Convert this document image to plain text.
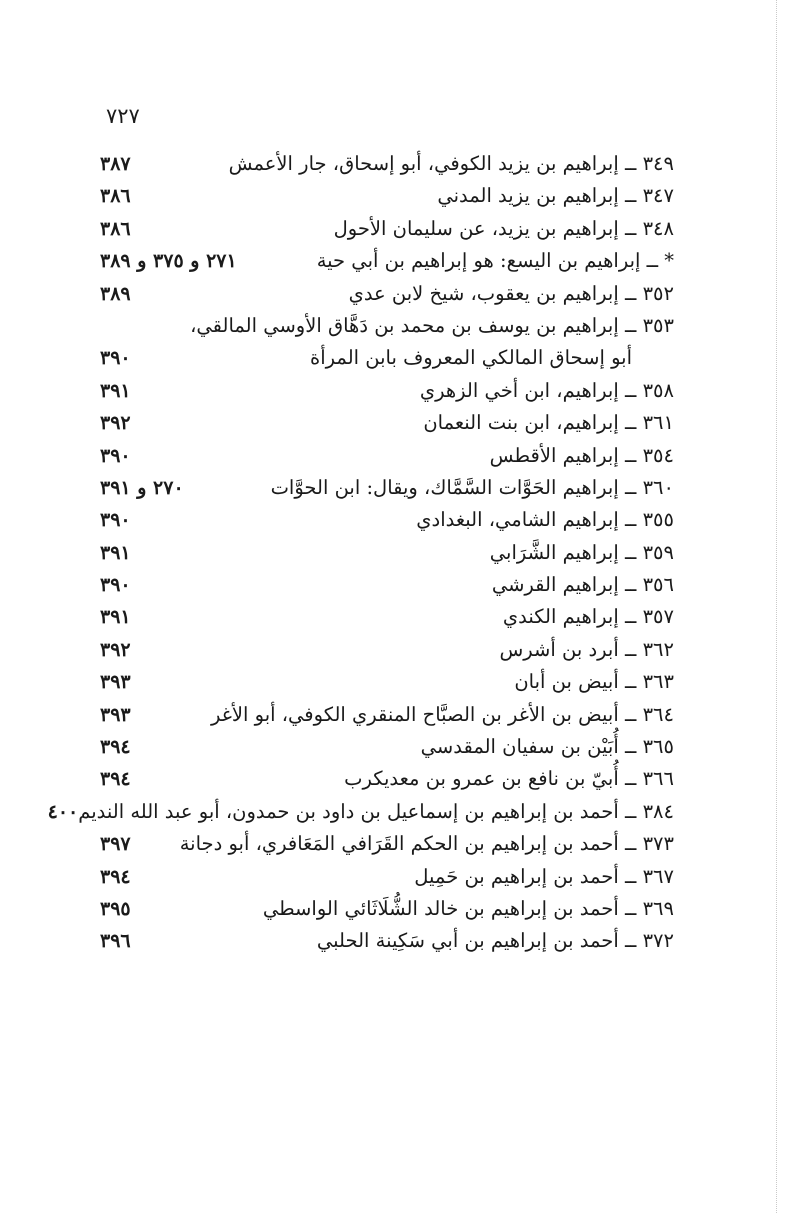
٧٢٧
٣٤٩ ــ إبراهيم بن يزيد الكوفي، أبو إسحاق، جار الأعمش
٣٨٧
٣٤٧ ــ إبراهيم بن يزيد المدني
٣٨٦
٣٤٨ ــ إبراهيم بن يزيد، عن سليمان الأحول
٣٨٦
* ــ إبراهيم بن اليسع: هو إبراهيم بن أبي حية
٢٧١ و ٣٧٥ و ٣٨٩
٣٥٢ ــ إبراهيم بن يعقوب، شيخ لابن عدي
٣٨٩
٣٥٣ ــ إبراهيم بن يوسف بن محمد بن دَهَّاق الأوسي المالقي،
أبو إسحاق المالكي المعروف بابن المرأة
٣٩٠
٣٥٨ ــ إبراهيم، ابن أخي الزهري
٣٩١
٣٦١ ــ إبراهيم، ابن بنت النعمان
٣٩٢
٣٥٤ ــ إبراهيم الأقطس
٣٩٠
٣٦٠ ــ إبراهيم الحَوَّات السَّمَّاك، ويقال: ابن الحوَّات
٢٧٠ و ٣٩١
٣٥٥ ــ إبراهيم الشامي، البغدادي
٣٩٠
٣٥٩ ــ إبراهيم الشَّرَابي
٣٩١
٣٥٦ ــ إبراهيم القرشي
٣٩٠
٣٥٧ ــ إبراهيم الكندي
٣٩١
٣٦٢ ــ أبرد بن أشرس
٣٩٢
٣٦٣ ــ أبيض بن أبان
٣٩٣
٣٦٤ ــ أبيض بن الأغر بن الصبَّاح المنقري الكوفي، أبو الأغر
٣٩٣
٣٦٥ ــ أُبَيْن بن سفيان المقدسي
٣٩٤
٣٦٦ ــ أُبيّ بن نافع بن عمرو بن معديكرب
٣٩٤
٣٨٤ ــ أحمد بن إبراهيم بن إسماعيل بن داود بن حمدون، أبو عبد الله النديم
٤٠٠
٣٧٣ ــ أحمد بن إبراهيم بن الحكم القَرَافي المَعَافري، أبو دجانة
٣٩٧
٣٦٧ ــ أحمد بن إبراهيم بن حَمِيل
٣٩٤
٣٦٩ ــ أحمد بن إبراهيم بن خالد الشُّلَاثَائي الواسطي
٣٩٥
٣٧٢ ــ أحمد بن إبراهيم بن أبي سَكِينة الحلبي
٣٩٦
